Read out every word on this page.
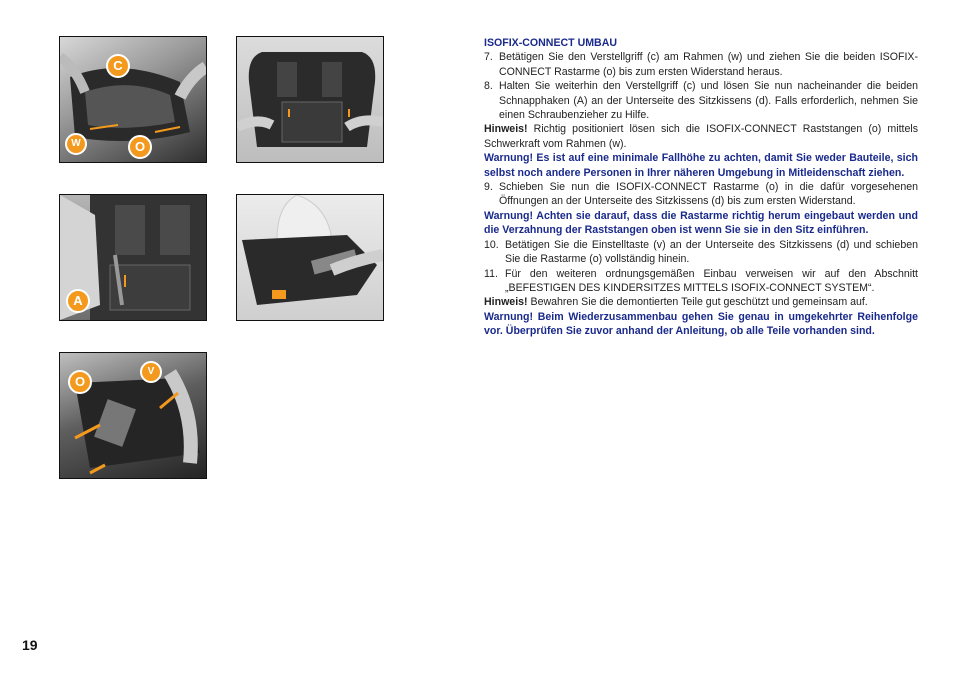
C
W	O
A
O
V
ISOFIX-CONNECT UMBAU
7. Betätigen Sie den Verstellgriff (c) am Rahmen (w) und ziehen Sie die beiden ISOFIX-CONNECT Rastarme (o) bis zum ersten Widerstand heraus.
8. Halten Sie weiterhin den Verstellgriff (c) und lösen Sie nun nacheinander die beiden Schnapphaken (A) an der Unterseite des Sitzkissens (d). Falls erforderlich, nehmen Sie einen Schraubenzieher zu Hilfe.
Hinweis! Richtig positioniert lösen sich die ISOFIX-CONNECT Raststangen (o) mittels Schwerkraft vom Rahmen (w).
Warnung! Es ist auf eine minimale Fallhöhe zu achten, damit Sie weder Bauteile, sich selbst noch andere Personen in Ihrer näheren Umgebung in Mitleidenschaft ziehen.
9. Schieben Sie nun die ISOFIX-CONNECT Rastarme (o) in die dafür vorgesehenen Öffnungen an der Unterseite des Sitzkissens (d) bis zum ersten Widerstand.
Warnung! Achten sie darauf, dass die Rastarme richtig herum eingebaut werden und die Verzahnung der Raststangen oben ist wenn Sie sie in den Sitz einführen.
10. Betätigen Sie die Einstelltaste (v) an der Unterseite des Sitzkissens (d) und schieben Sie die Rastarme (o) vollständig hinein.
11. Für den weiteren ordnungsgemäßen Einbau verweisen wir auf den Abschnitt „BEFESTIGEN DES KINDERSITZES MITTELS ISOFIX-CONNECT SYSTEM“.
Hinweis! Bewahren Sie die demontierten Teile gut geschützt und gemeinsam auf.
Warnung! Beim Wiederzusammenbau gehen Sie genau in umgekehrter Reihenfolge vor. Überprüfen Sie zuvor anhand der Anleitung, ob alle Teile vorhanden sind.
19
